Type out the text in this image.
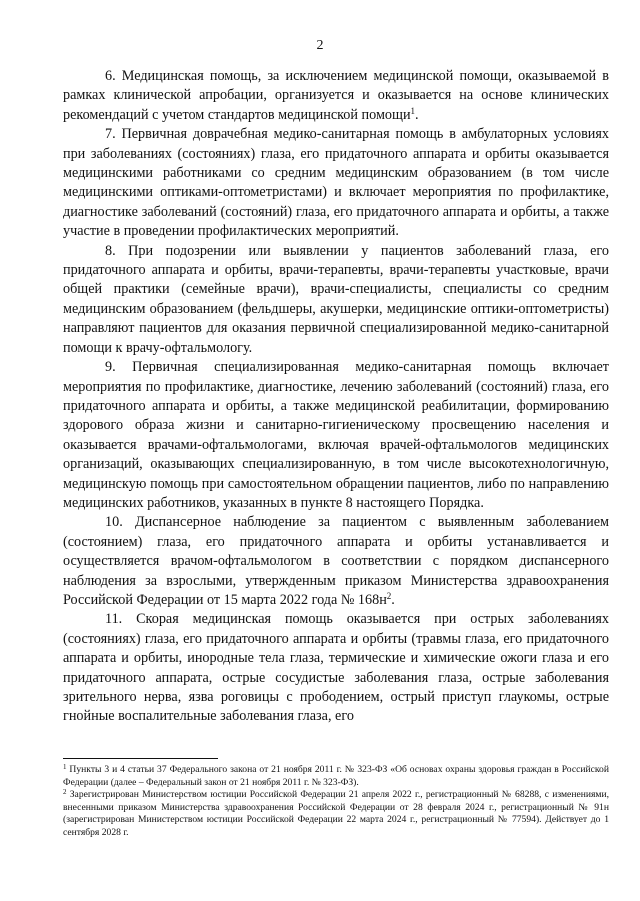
2

6. Медицинская помощь, за исключением медицинской помощи, оказываемой в рамках клинической апробации, организуется и оказывается на основе клинических рекомендаций с учетом стандартов медицинской помощи$^1$.

7. Первичная доврачебная медико-санитарная помощь в амбулаторных условиях при заболеваниях (состояниях) глаза, его придаточного аппарата и орбиты оказывается медицинскими работниками со средним медицинским образованием (в том числе медицинскими оптиками-оптометристами) и включает мероприятия по профилактике, диагностике заболеваний (состояний) глаза, его придаточного аппарата и орбиты, а также участие в проведении профилактических мероприятий.

8. При подозрении или выявлении у пациентов заболеваний глаза, его придаточного аппарата и орбиты, врачи-терапевты, врачи-терапевты участковые, врачи общей практики (семейные врачи), врачи-специалисты, специалисты со средним медицинским образованием (фельдшеры, акушерки, медицинские оптики-оптометристы) направляют пациентов для оказания первичной специализированной медико-санитарной помощи к врачу-офтальмологу.

9. Первичная специализированная медико-санитарная помощь включает мероприятия по профилактике, диагностике, лечению заболеваний (состояний) глаза, его придаточного аппарата и орбиты, а также медицинской реабилитации, формированию здорового образа жизни и санитарно-гигиеническому просвещению населения и оказывается врачами-офтальмологами, включая врачей-офтальмологов медицинских организаций, оказывающих специализированную, в том числе высокотехнологичную, медицинскую помощь при самостоятельном обращении пациентов, либо по направлению медицинских работников, указанных в пункте 8 настоящего Порядка.

10. Диспансерное наблюдение за пациентом с выявленным заболеванием (состоянием) глаза, его придаточного аппарата и орбиты устанавливается и осуществляется врачом-офтальмологом в соответствии с порядком диспансерного наблюдения за взрослыми, утвержденным приказом Министерства здравоохранения Российской Федерации от 15 марта 2022 года № $168н^2$.

11. Скорая медицинская помощь оказывается при острых заболеваниях (состояниях) глаза, его придаточного аппарата и орбиты (травмы глаза, его придаточного аппарата и орбиты, инородные тела глаза, термические и химические ожоги глаза и его придаточного аппарата, острые сосудистые заболевания глаза, острые заболевания зрительного нерва, язва роговицы с прободением, острый приступ глаукомы, острые гнойные воспалительные заболевания глаза, его

$^1$ Пункты 3 и 4 статьи 37 Федерального закона от 21 ноября 2011 г. № 323-ФЗ «Об основах охраны здоровья граждан в Российской Федерации (далее – Федеральный закон от 21 ноября 2011 г. № 323-ФЗ).

$^2$ Зарегистрирован Министерством юстиции Российской Федерации 21 апреля 2022 г., регистрационный № 68288, с изменениями, внесенными приказом Министерства здравоохранения Российской Федерации от 28 февраля 2024 г., регистрационный № 91н (зарегистрирован Министерством юстиции Российской Федерации 22 марта 2024 г., регистрационный № 77594). Действует до 1 сентября 2028 г.
